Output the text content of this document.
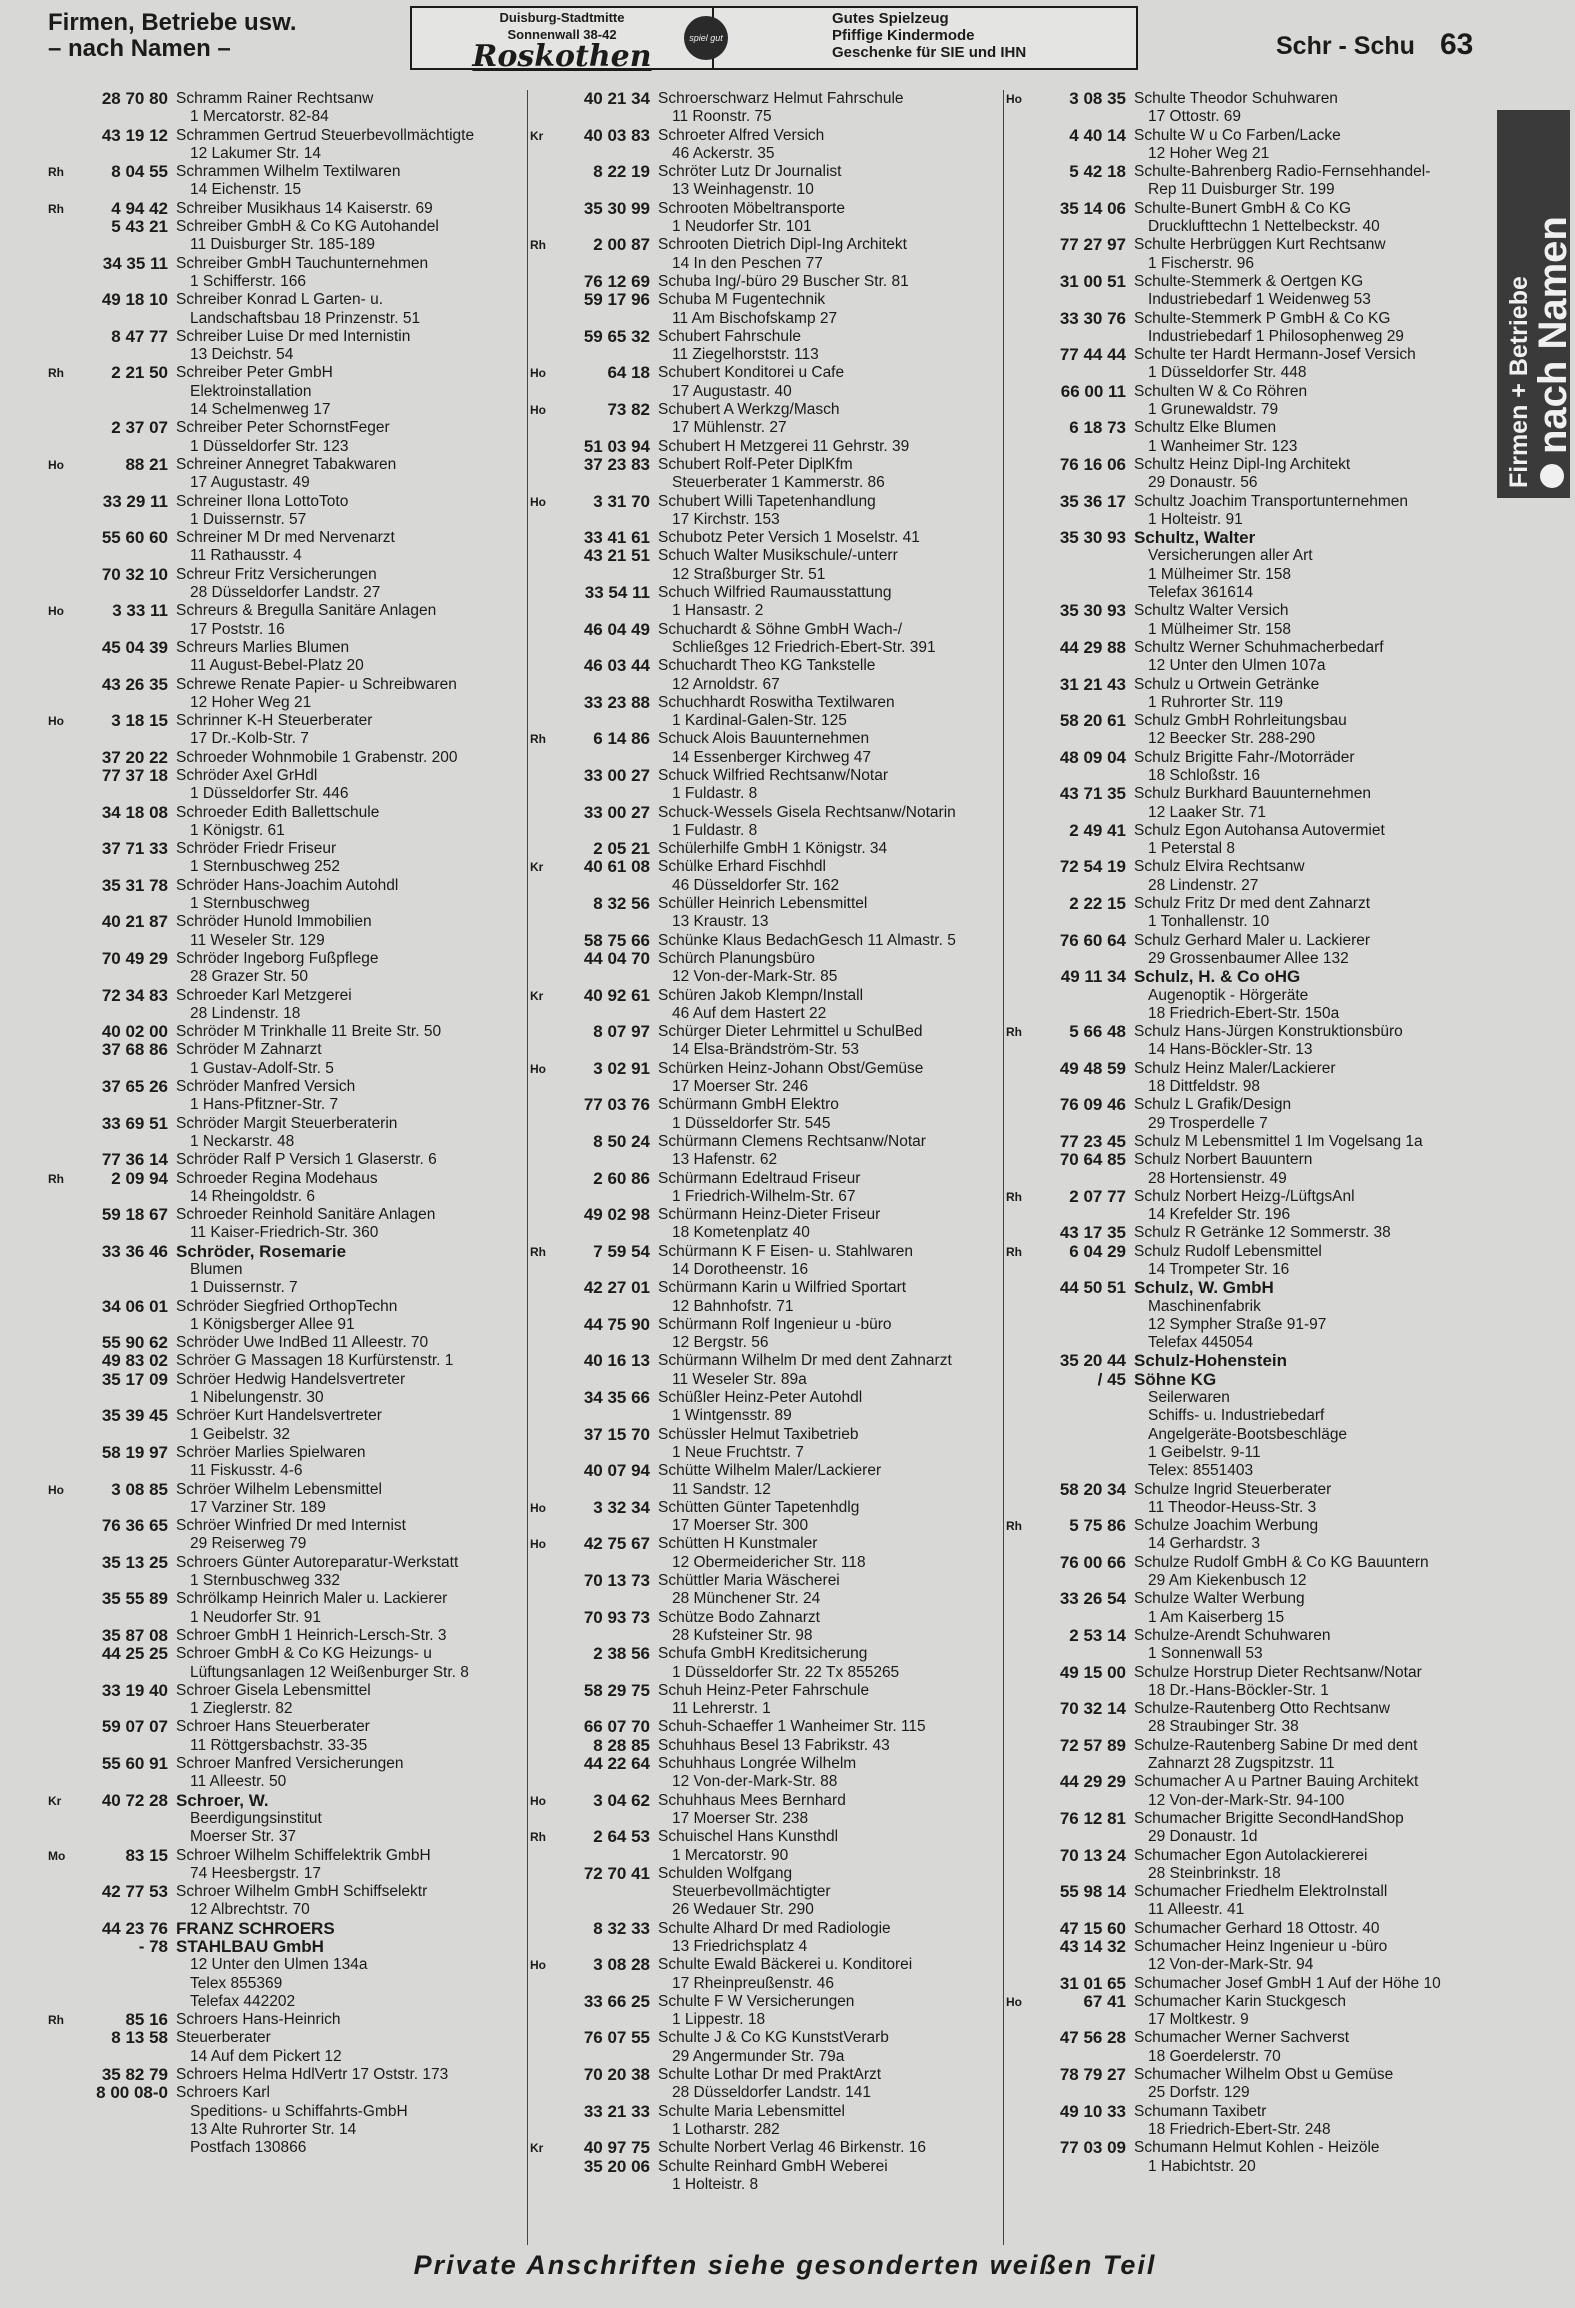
Firmen, Betriebe usw.
– nach Namen –
Duisburg-Stadtmitte
Sonnenwall 38-42
Roskothen
spiel gut
Gutes Spielzeug
Pfiffige Kindermode
Geschenke für SIE und IHN	Schr - Schu 63
Firmen + Betriebe
nach Namen
28 70 80 Schramm Rainer Rechtsanw
1 Mercatorstr. 82-84
43 19 12 Schrammen Gertrud Steuerbevollmächtigte
12 Lakumer Str. 14
Rh	8 04 55 Schrammen Wilhelm Textilwaren
14 Eichenstr. 15
Rh	4 94 42 Schreiber Musikhaus 14 Kaiserstr. 69
5 43 21 Schreiber GmbH & Co KG Autohandel
11 Duisburger Str. 185-189
34 35 11 Schreiber GmbH Tauchunternehmen
1 Schifferstr. 166
49 18 10 Schreiber Konrad L Garten- u.
Landschaftsbau 18 Prinzenstr. 51
8 47 77 Schreiber Luise Dr med Internistin
13 Deichstr. 54
Rh	2 21 50 Schreiber Peter GmbH
Elektroinstallation
14 Schelmenweg 17
2 37 07 Schreiber Peter SchornstFeger
1 Düsseldorfer Str. 123
Ho	88 21 Schreiner Annegret Tabakwaren
17 Augustastr. 49
33 29 11 Schreiner Ilona LottoToto
1 Duissernstr. 57
55 60 60 Schreiner M Dr med Nervenarzt
11 Rathausstr. 4
70 32 10 Schreur Fritz Versicherungen
28 Düsseldorfer Landstr. 27
Ho	3 33 11 Schreurs & Bregulla Sanitäre Anlagen
17 Poststr. 16
45 04 39 Schreurs Marlies Blumen
11 August-Bebel-Platz 20
43 26 35 Schrewe Renate Papier- u Schreibwaren
12 Hoher Weg 21
Ho	3 18 15 Schrinner K-H Steuerberater
17 Dr.-Kolb-Str. 7
37 20 22 Schroeder Wohnmobile 1 Grabenstr. 200
77 37 18 Schröder Axel GrHdl
1 Düsseldorfer Str. 446
34 18 08 Schroeder Edith Ballettschule
1 Königstr. 61
37 71 33 Schröder Friedr Friseur
1 Sternbuschweg 252
35 31 78 Schröder Hans-Joachim Autohdl
1 Sternbuschweg
40 21 87 Schröder Hunold Immobilien
11 Weseler Str. 129
70 49 29 Schröder Ingeborg Fußpflege
28 Grazer Str. 50
72 34 83 Schroeder Karl Metzgerei
28 Lindenstr. 18
40 02 00 Schröder M Trinkhalle 11 Breite Str. 50
37 68 86 Schröder M Zahnarzt
1 Gustav-Adolf-Str. 5
37 65 26 Schröder Manfred Versich
1 Hans-Pfitzner-Str. 7
33 69 51 Schröder Margit Steuerberaterin
1 Neckarstr. 48
77 36 14 Schröder Ralf P Versich 1 Glaserstr. 6
Rh	2 09 94 Schroeder Regina Modehaus
14 Rheingoldstr. 6
59 18 67 Schroeder Reinhold Sanitäre Anlagen
11 Kaiser-Friedrich-Str. 360
33 36 46 Schröder, Rosemarie
Blumen
1 Duissernstr. 7
34 06 01 Schröder Siegfried OrthopTechn
1 Königsberger Allee 91
55 90 62 Schröder Uwe IndBed 11 Alleestr. 70
49 83 02 Schröer G Massagen 18 Kurfürstenstr. 1
35 17 09 Schröer Hedwig Handelsvertreter
1 Nibelungenstr. 30
35 39 45 Schröer Kurt Handelsvertreter
1 Geibelstr. 32
58 19 97 Schröer Marlies Spielwaren
11 Fiskusstr. 4-6
Ho	3 08 85 Schröer Wilhelm Lebensmittel
17 Varziner Str. 189
76 36 65 Schröer Winfried Dr med Internist
29 Reiserweg 79
35 13 25 Schroers Günter Autoreparatur-Werkstatt
1 Sternbuschweg 332
35 55 89 Schrölkamp Heinrich Maler u. Lackierer
1 Neudorfer Str. 91
35 87 08 Schroer GmbH 1 Heinrich-Lersch-Str. 3
44 25 25 Schroer GmbH & Co KG Heizungs- u
Lüftungsanlagen 12 Weißenburger Str. 8
33 19 40 Schroer Gisela Lebensmittel
1 Zieglerstr. 82
59 07 07 Schroer Hans Steuerberater
11 Röttgersbachstr. 33-35
55 60 91 Schroer Manfred Versicherungen
11 Alleestr. 50
Kr	40 72 28 Schroer, W.
Beerdigungsinstitut
Moerser Str. 37
Mo	83 15 Schroer Wilhelm Schiffelektrik GmbH
74 Heesbergstr. 17
42 77 53 Schroer Wilhelm GmbH Schiffselektr
12 Albrechtstr. 70
44 23 76 FRANZ SCHROERS
- 78 STAHLBAU GmbH
12 Unter den Ulmen 134a
Telex 855369
Telefax 442202
Rh	85 16 Schroers Hans-Heinrich
8 13 58 Steuerberater
14 Auf dem Pickert 12
35 82 79 Schroers Helma HdlVertr 17 Oststr. 173
8 00 08-0 Schroers Karl
Speditions- u Schiffahrts-GmbH
13 Alte Ruhrorter Str. 14
Postfach 130866
40 21 34 Schroerschwarz Helmut Fahrschule
11 Roonstr. 75
Kr	40 03 83 Schroeter Alfred Versich
46 Ackerstr. 35
8 22 19 Schröter Lutz Dr Journalist
13 Weinhagenstr. 10
35 30 99 Schrooten Möbeltransporte
1 Neudorfer Str. 101
Rh	2 00 87 Schrooten Dietrich Dipl-Ing Architekt
14 In den Peschen 77
76 12 69 Schuba Ing/-büro 29 Buscher Str. 81
59 17 96 Schuba M Fugentechnik
11 Am Bischofskamp 27
59 65 32 Schubert Fahrschule
11 Ziegelhorststr. 113
Ho	64 18 Schubert Konditorei u Cafe
17 Augustastr. 40
Ho	73 82 Schubert A Werkzg/Masch
17 Mühlenstr. 27
51 03 94 Schubert H Metzgerei 11 Gehrstr. 39
37 23 83 Schubert Rolf-Peter DiplKfm
Steuerberater 1 Kammerstr. 86
Ho	3 31 70 Schubert Willi Tapetenhandlung
17 Kirchstr. 153
33 41 61 Schubotz Peter Versich 1 Moselstr. 41
43 21 51 Schuch Walter Musikschule/-unterr
12 Straßburger Str. 51
33 54 11 Schuch Wilfried Raumausstattung
1 Hansastr. 2
46 04 49 Schuchardt & Söhne GmbH Wach-/
Schließges 12 Friedrich-Ebert-Str. 391
46 03 44 Schuchardt Theo KG Tankstelle
12 Arnoldstr. 67
33 23 88 Schuchhardt Roswitha Textilwaren
1 Kardinal-Galen-Str. 125
Rh	6 14 86 Schuck Alois Bauunternehmen
14 Essenberger Kirchweg 47
33 00 27 Schuck Wilfried Rechtsanw/Notar
1 Fuldastr. 8
33 00 27 Schuck-Wessels Gisela Rechtsanw/Notarin
1 Fuldastr. 8
2 05 21 Schülerhilfe GmbH 1 Königstr. 34
Kr	40 61 08 Schülke Erhard Fischhdl
46 Düsseldorfer Str. 162
8 32 56 Schüller Heinrich Lebensmittel
13 Kraustr. 13
58 75 66 Schünke Klaus BedachGesch 11 Almastr. 5
44 04 70 Schürch Planungsbüro
12 Von-der-Mark-Str. 85
Kr	40 92 61 Schüren Jakob Klempn/Install
46 Auf dem Hastert 22
8 07 97 Schürger Dieter Lehrmittel u SchulBed
14 Elsa-Brändström-Str. 53
Ho	3 02 91 Schürken Heinz-Johann Obst/Gemüse
17 Moerser Str. 246
77 03 76 Schürmann GmbH Elektro
1 Düsseldorfer Str. 545
8 50 24 Schürmann Clemens Rechtsanw/Notar
13 Hafenstr. 62
2 60 86 Schürmann Edeltraud Friseur
1 Friedrich-Wilhelm-Str. 67
49 02 98 Schürmann Heinz-Dieter Friseur
18 Kometenplatz 40
Rh	7 59 54 Schürmann K F Eisen- u. Stahlwaren
14 Dorotheenstr. 16
42 27 01 Schürmann Karin u Wilfried Sportart
12 Bahnhofstr. 71
44 75 90 Schürmann Rolf Ingenieur u -büro
12 Bergstr. 56
40 16 13 Schürmann Wilhelm Dr med dent Zahnarzt
11 Weseler Str. 89a
34 35 66 Schüßler Heinz-Peter Autohdl
1 Wintgensstr. 89
37 15 70 Schüssler Helmut Taxibetrieb
1 Neue Fruchtstr. 7
40 07 94 Schütte Wilhelm Maler/Lackierer
11 Sandstr. 12
Ho	3 32 34 Schütten Günter Tapetenhdlg
17 Moerser Str. 300
Ho	42 75 67 Schütten H Kunstmaler
12 Obermeidericher Str. 118
70 13 73 Schüttler Maria Wäscherei
28 Münchener Str. 24
70 93 73 Schütze Bodo Zahnarzt
28 Kufsteiner Str. 98
2 38 56 Schufa GmbH Kreditsicherung
1 Düsseldorfer Str. 22 Tx 855265
58 29 75 Schuh Heinz-Peter Fahrschule
11 Lehrerstr. 1
66 07 70 Schuh-Schaeffer 1 Wanheimer Str. 115
8 28 85 Schuhhaus Besel 13 Fabrikstr. 43
44 22 64 Schuhhaus Longrée Wilhelm
12 Von-der-Mark-Str. 88
Ho	3 04 62 Schuhhaus Mees Bernhard
17 Moerser Str. 238
Rh	2 64 53 Schuischel Hans Kunsthdl
1 Mercatorstr. 90
72 70 41 Schulden Wolfgang
Steuerbevollmächtigter
26 Wedauer Str. 290
8 32 33 Schulte Alhard Dr med Radiologie
13 Friedrichsplatz 4
Ho	3 08 28 Schulte Ewald Bäckerei u. Konditorei
17 Rheinpreußenstr. 46
33 66 25 Schulte F W Versicherungen
1 Lippestr. 18
76 07 55 Schulte J & Co KG KunststVerarb
29 Angermunder Str. 79a
70 20 38 Schulte Lothar Dr med PraktArzt
28 Düsseldorfer Landstr. 141
33 21 33 Schulte Maria Lebensmittel
1 Lotharstr. 282
Kr	40 97 75 Schulte Norbert Verlag 46 Birkenstr. 16
35 20 06 Schulte Reinhard GmbH Weberei
1 Holteistr. 8
Ho	3 08 35 Schulte Theodor Schuhwaren
17 Ottostr. 69
4 40 14 Schulte W u Co Farben/Lacke
12 Hoher Weg 21
5 42 18 Schulte-Bahrenberg Radio-Fernsehhandel-
Rep 11 Duisburger Str. 199
35 14 06 Schulte-Bunert GmbH & Co KG
Drucklufttechn 1 Nettelbeckstr. 40
77 27 97 Schulte Herbrüggen Kurt Rechtsanw
1 Fischerstr. 96
31 00 51 Schulte-Stemmerk & Oertgen KG
Industriebedarf 1 Weidenweg 53
33 30 76 Schulte-Stemmerk P GmbH & Co KG
Industriebedarf 1 Philosophenweg 29
77 44 44 Schulte ter Hardt Hermann-Josef Versich
1 Düsseldorfer Str. 448
66 00 11 Schulten W & Co Röhren
1 Grunewaldstr. 79
6 18 73 Schultz Elke Blumen
1 Wanheimer Str. 123
76 16 06 Schultz Heinz Dipl-Ing Architekt
29 Donaustr. 56
35 36 17 Schultz Joachim Transportunternehmen
1 Holteistr. 91
35 30 93 Schultz, Walter
Versicherungen aller Art
1 Mülheimer Str. 158
Telefax 361614
35 30 93 Schultz Walter Versich
1 Mülheimer Str. 158
44 29 88 Schultz Werner Schuhmacherbedarf
12 Unter den Ulmen 107a
31 21 43 Schulz u Ortwein Getränke
1 Ruhrorter Str. 119
58 20 61 Schulz GmbH Rohrleitungsbau
12 Beecker Str. 288-290
48 09 04 Schulz Brigitte Fahr-/Motorräder
18 Schloßstr. 16
43 71 35 Schulz Burkhard Bauunternehmen
12 Laaker Str. 71
2 49 41 Schulz Egon Autohansa Autovermiet
1 Peterstal 8
72 54 19 Schulz Elvira Rechtsanw
28 Lindenstr. 27
2 22 15 Schulz Fritz Dr med dent Zahnarzt
1 Tonhallenstr. 10
76 60 64 Schulz Gerhard Maler u. Lackierer
29 Grossenbaumer Allee 132
49 11 34 Schulz, H. & Co oHG
Augenoptik - Hörgeräte
18 Friedrich-Ebert-Str. 150a
Rh	5 66 48 Schulz Hans-Jürgen Konstruktionsbüro
14 Hans-Böckler-Str. 13
49 48 59 Schulz Heinz Maler/Lackierer
18 Dittfeldstr. 98
76 09 46 Schulz L Grafik/Design
29 Trosperdelle 7
77 23 45 Schulz M Lebensmittel 1 Im Vogelsang 1a
70 64 85 Schulz Norbert Bauuntern
28 Hortensienstr. 49
Rh	2 07 77 Schulz Norbert Heizg-/LüftgsAnl
14 Krefelder Str. 196
43 17 35 Schulz R Getränke 12 Sommerstr. 38
Rh	6 04 29 Schulz Rudolf Lebensmittel
14 Trompeter Str. 16
44 50 51 Schulz, W. GmbH
Maschinenfabrik
12 Sympher Straße 91-97
Telefax 445054
35 20 44 Schulz-Hohenstein
/ 45 Söhne KG
Seilerwaren
Schiffs- u. Industriebedarf
Angelgeräte-Bootsbeschläge
1 Geibelstr. 9-11
Telex: 8551403
58 20 34 Schulze Ingrid Steuerberater
11 Theodor-Heuss-Str. 3
Rh	5 75 86 Schulze Joachim Werbung
14 Gerhardstr. 3
76 00 66 Schulze Rudolf GmbH & Co KG Bauuntern
29 Am Kiekenbusch 12
33 26 54 Schulze Walter Werbung
1 Am Kaiserberg 15
2 53 14 Schulze-Arendt Schuhwaren
1 Sonnenwall 53
49 15 00 Schulze Horstrup Dieter Rechtsanw/Notar
18 Dr.-Hans-Böckler-Str. 1
70 32 14 Schulze-Rautenberg Otto Rechtsanw
28 Straubinger Str. 38
72 57 89 Schulze-Rautenberg Sabine Dr med dent
Zahnarzt 28 Zugspitzstr. 11
44 29 29 Schumacher A u Partner Bauing Architekt
12 Von-der-Mark-Str. 94-100
76 12 81 Schumacher Brigitte SecondHandShop
29 Donaustr. 1d
70 13 24 Schumacher Egon Autolackiererei
28 Steinbrinkstr. 18
55 98 14 Schumacher Friedhelm ElektroInstall
11 Alleestr. 41
47 15 60 Schumacher Gerhard 18 Ottostr. 40
43 14 32 Schumacher Heinz Ingenieur u -büro
12 Von-der-Mark-Str. 94
31 01 65 Schumacher Josef GmbH 1 Auf der Höhe 10
Ho	67 41 Schumacher Karin Stuckgesch
17 Moltkestr. 9
47 56 28 Schumacher Werner Sachverst
18 Goerdelerstr. 70
78 79 27 Schumacher Wilhelm Obst u Gemüse
25 Dorfstr. 129
49 10 33 Schumann Taxibetr
18 Friedrich-Ebert-Str. 248
77 03 09 Schumann Helmut Kohlen - Heizöle
1 Habichtstr. 20
Private Anschriften siehe gesonderten weißen Teil
